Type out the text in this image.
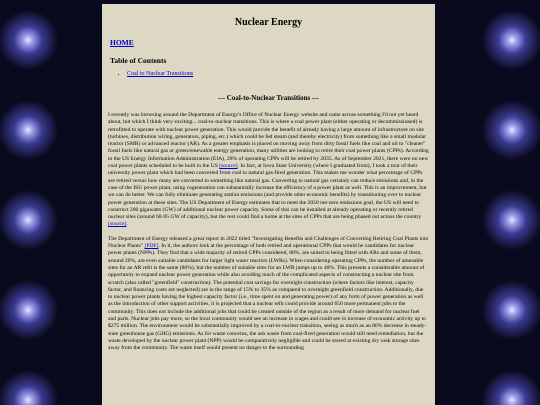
Nuclear Energy
HOME
Table of Contents
• Coal to Nuclear Transitions
--- Coal-to-Nuclear Transitions ---

I recently was browsing around the Department of Energy's Office of Nuclear Energy website and came across something I'd not yet heard about, but which I think very exciting... coal-to-nuclear transitions. This is where a coal power plant (either operating or decommissioned) is retrofitted to operate with nuclear power generation. This would provide the benefit of already having a large amount of infrastructure on site (turbines, distribution wiring, generators, piping, etc.) which could be fed steam (and thereby electricity) from something like a small modular reactor (SMR) or advanced reactor (AR). As a greater emphasis is placed on moving away from dirty fossil fuels like coal and oil to "cleaner" fossil fuels like natural gas or green/renewable energy generation, many utilities are looking to retire their coal power plants (CPPs). According to the US Energy Information Administration (EIA), 28% of operating CPPs will be retired by 2035. As of September 2021, there were no new coal power plants scheduled to be built in the US [source]. In fact, at Iowa State University (where I graduated from), I took a tour of their university power plant which had been converted from coal to natural gas-fired generation. This makes me wonder what percentage of CPPs are retired versus how many are converted to something like natural gas. Converting to natural gas certainly can reduce emissions and, in the case of the ISU power plant, using cogeneration can substantially increase the efficiency of a power plant as well. This is an improvement, but we can do better. We can fully eliminate generating station emissions (and provide other economic benefits) by transitioning over to nuclear power generation at these sites. The US Department of Energy estimates that to meet the 2050 net-zero emissions goal, the US will need to construct 200 gigawatts (GW) of additional nuclear power capacity. Some of this can be installed at already operating or recently retired nuclear sites (around 60-95 GW of capacity), but the rest could find a home at the sites of CPPs that are being phased out across the country [source].

The Department of Energy released a great report in 2022 titled "Investigating Benefits and Challenges of Converting Retiring Coal Plants into Nuclear Plants" [PDF]. In it, the authors look at the percentage of both retired and operational CPPs that would be candidates for nuclear power plants (NPPs). They find that a wide majority of retired CPPs considered, 80%, are suited to being fitted with ARs and some of them, around 20%, are even suitable candidates for larger light water reactors (LWRs). When considering operating CPPs, the number of amenable sites for an AR refit is the same (80%), but the number of suitable sites for an LWR jumps up to 40%. This presents a considerable amount of opportunity to expand nuclear power generation while also avoiding much of the complicated aspects of constructing a nuclear site from scratch (also called "greenfield" construction). The potential cost savings for overnight construction (where factors like interest, capacity factor, and financing costs are neglected) are in the range of 15% to 35% as compared to overnight greenfield construction. Additionally, due to nuclear power plants having the highest capacity factor (i.e., time spent on and generating power) of any form of power generation as well as the introduction of other support activities, it is projected that a nuclear refit could provide around 650 more permanent jobs to the community. This does not include the additional jobs that could be created outside of the region as a result of more demand for nuclear fuel and parts. Nuclear jobs pay more, so the local community would see an increase in wages and could see in increase of economic activity up to $275 million. The environment would be substantially improved by a coal-to-nuclear transition, seeing as much as an 86% decrease in steady-state greenhouse gas (GHG) emissions. As for waste concerns, the ash waste from coal-fired generation would still need remediation, but the waste developed by the nuclear power plant (NPP) would be comparatively negligible and could be stored at existing dry cask storage sites away from the community. The waste itself would present no danger to the surrounding
